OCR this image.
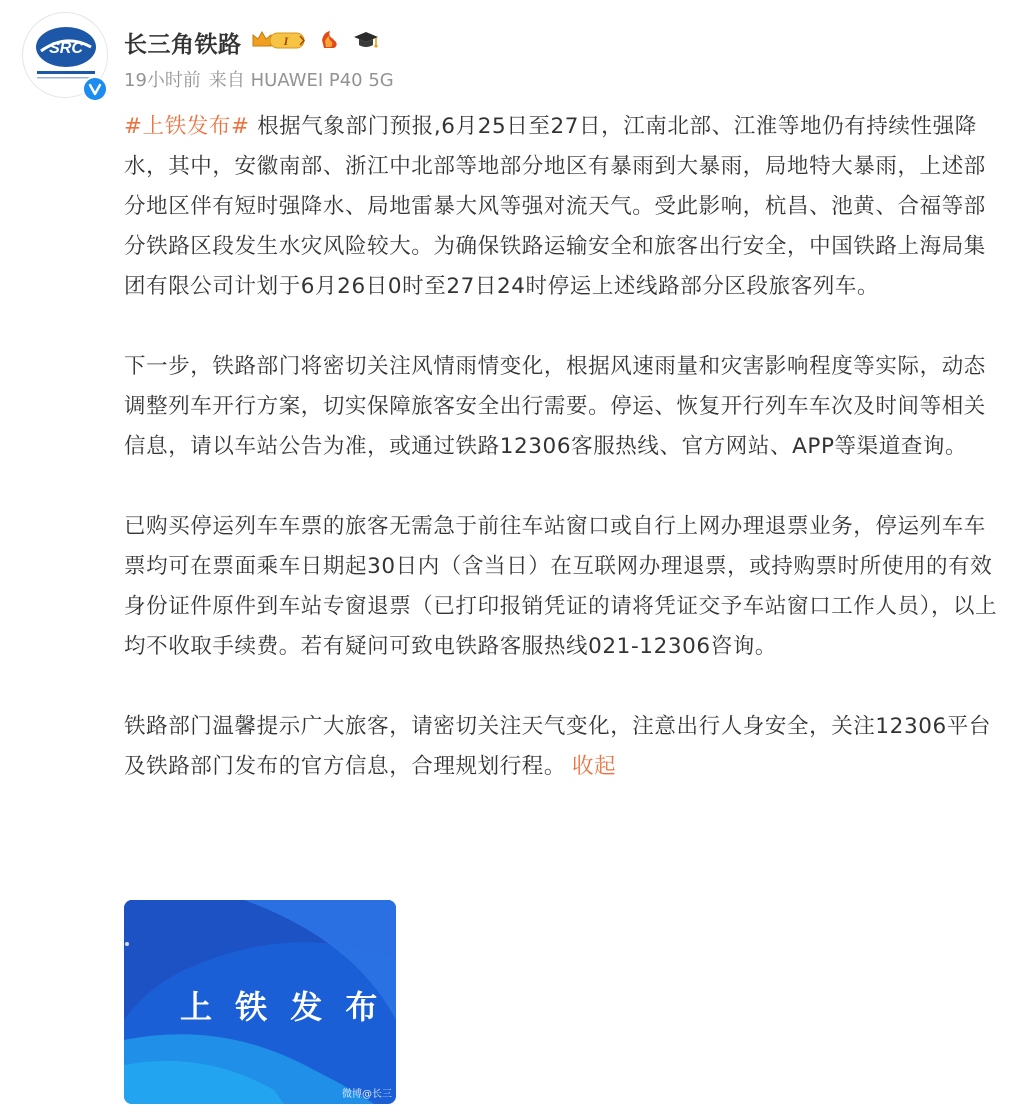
SRC 长三角铁路	I
19小时前 来自 HUAWEI P40 5G

#上铁发布# 根据气象部门预报,6月25日至27日，江南北部、江淮等地仍有持续性强降水，其中，安徽南部、浙江中北部等地部分地区有暴雨到大暴雨，局地特大暴雨，上述部分地区伴有短时强降水、局地雷暴大风等强对流天气。受此影响，杭昌、池黄、合福等部分铁路区段发生水灾风险较大。为确保铁路运输安全和旅客出行安全，中国铁路上海局集团有限公司计划于6月26日0时至27日24时停运上述线路部分区段旅客列车。

下一步，铁路部门将密切关注风情雨情变化，根据风速雨量和灾害影响程度等实际，动态调整列车开行方案，切实保障旅客安全出行需要。停运、恢复开行列车车次及时间等相关信息，请以车站公告为准，或通过铁路12306客服热线、官方网站、APP等渠道查询。

已购买停运列车车票的旅客无需急于前往车站窗口或自行上网办理退票业务，停运列车车票均可在票面乘车日期起30日内（含当日）在互联网办理退票，或持购票时所使用的有效身份证件原件到车站专窗退票（已打印报销凭证的请将凭证交予车站窗口工作人员），以上均不收取手续费。若有疑问可致电铁路客服热线021-12306咨询。

铁路部门温馨提示广大旅客，请密切关注天气变化，注意出行人身安全，关注12306平台及铁路部门发布的官方信息，合理规划行程。 收起

上 铁 发 布
微博@长三
